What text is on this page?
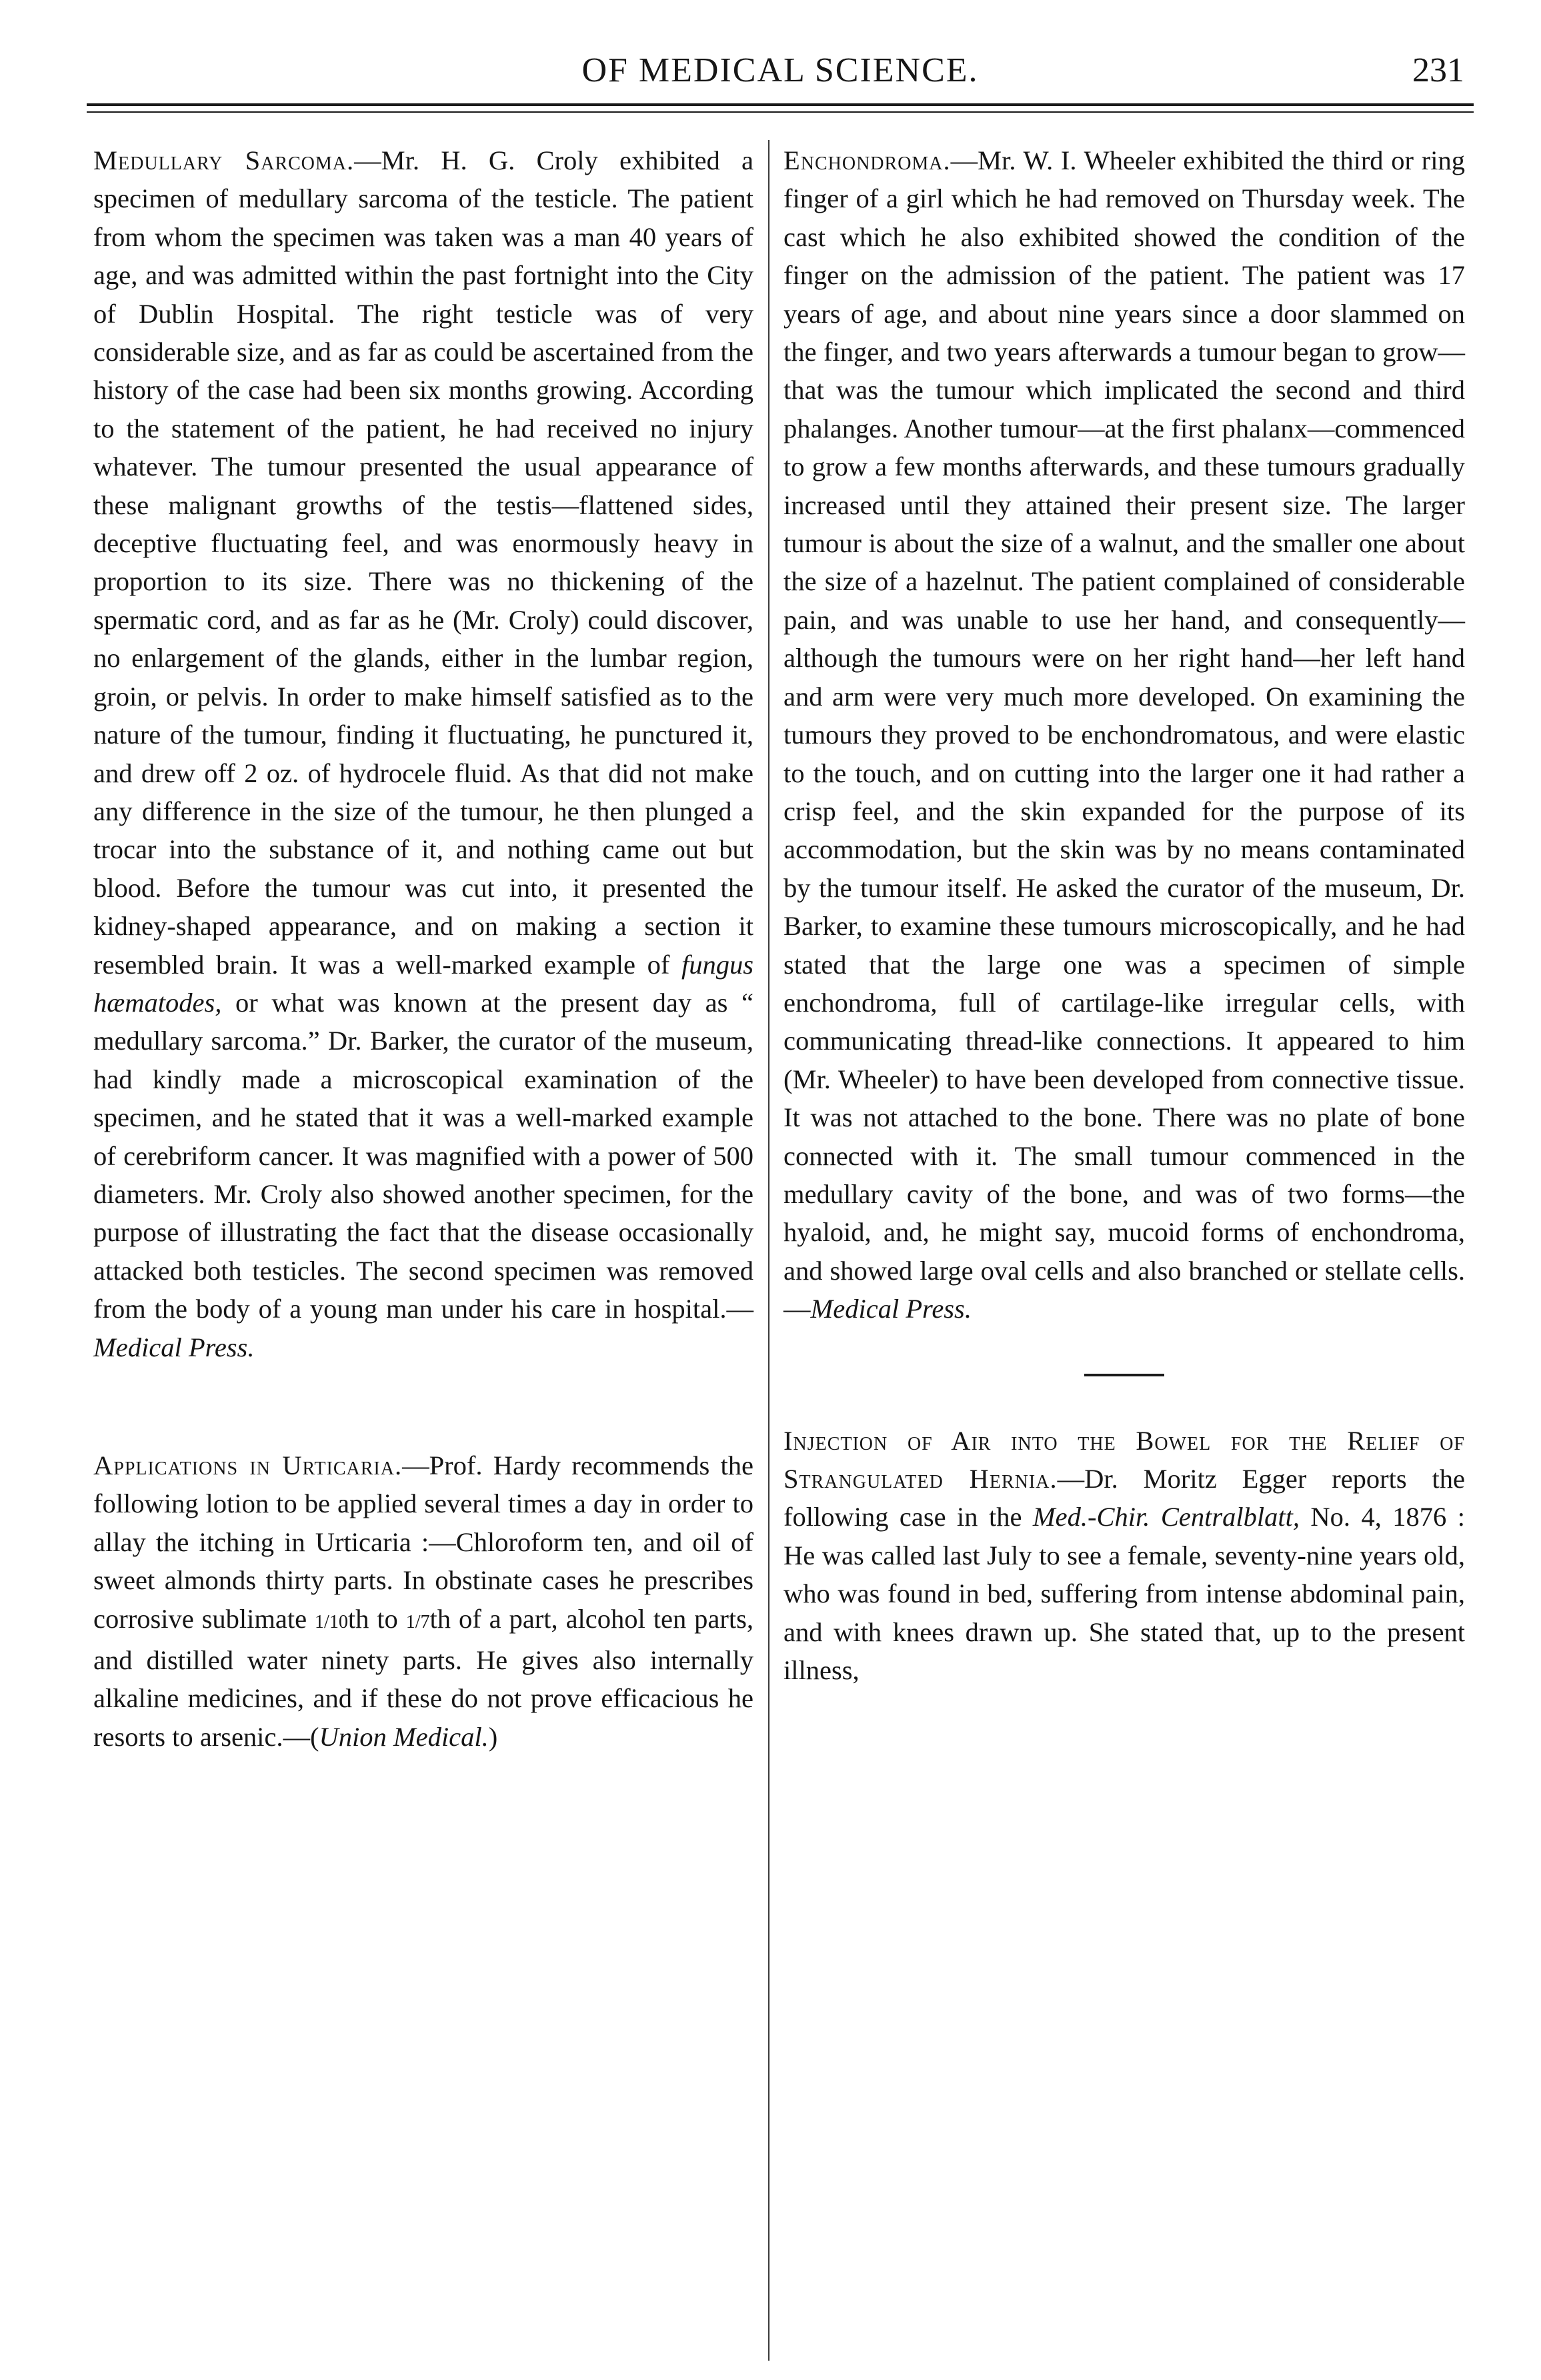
OF MEDICAL SCIENCE.	231

Medullary Sarcoma.—Mr. H. G. Croly exhibited a specimen of medullary sarcoma of the testicle. The patient from whom the specimen was taken was a man 40 years of age, and was admitted within the past fortnight into the City of Dublin Hospital. The right testicle was of very considerable size, and as far as could be ascertained from the history of the case had been six months growing. According to the statement of the patient, he had received no injury whatever. The tumour presented the usual appearance of these malignant growths of the testis—flattened sides, deceptive fluctuating feel, and was enormously heavy in proportion to its size. There was no thickening of the spermatic cord, and as far as he (Mr. Croly) could discover, no enlargement of the glands, either in the lumbar region, groin, or pelvis. In order to make himself satisfied as to the nature of the tumour, finding it fluctuating, he punctured it, and drew off 2 oz. of hydrocele fluid. As that did not make any difference in the size of the tumour, he then plunged a trocar into the substance of it, and nothing came out but blood. Before the tumour was cut into, it presented the kidney-shaped appearance, and on making a section it resembled brain. It was a well-marked example of fungus hæmatodes, or what was known at the present day as “ medullary sarcoma.” Dr. Barker, the curator of the museum, had kindly made a microscopical examination of the specimen, and he stated that it was a well-marked example of cerebriform cancer. It was magnified with a power of 500 diameters. Mr. Croly also showed another specimen, for the purpose of illustrating the fact that the disease occasionally attacked both testicles. The second specimen was removed from the body of a young man under his care in hospital.—Medical Press.

Applications in Urticaria.—Prof. Hardy recommends the following lotion to be applied several times a day in order to allay the itching in Urticaria :—Chloroform ten, and oil of sweet almonds thirty parts. In obstinate cases he prescribes corrosive sublimate 1/10th to 1/7th of a part, alcohol ten parts, and distilled water ninety parts. He gives also internally alkaline medicines, and if these do not prove efficacious he resorts to arsenic.—(Union Medical.)

Enchondroma.—Mr. W. I. Wheeler exhibited the third or ring finger of a girl which he had removed on Thursday week. The cast which he also exhibited showed the condition of the finger on the admission of the patient. The patient was 17 years of age, and about nine years since a door slammed on the finger, and two years afterwards a tumour began to grow—that was the tumour which implicated the second and third phalanges. Another tumour—at the first phalanx—commenced to grow a few months afterwards, and these tumours gradually increased until they attained their present size. The larger tumour is about the size of a walnut, and the smaller one about the size of a hazelnut. The patient complained of considerable pain, and was unable to use her hand, and consequently—although the tumours were on her right hand—her left hand and arm were very much more developed. On examining the tumours they proved to be enchondromatous, and were elastic to the touch, and on cutting into the larger one it had rather a crisp feel, and the skin expanded for the purpose of its accommodation, but the skin was by no means contaminated by the tumour itself. He asked the curator of the museum, Dr. Barker, to examine these tumours microscopically, and he had stated that the large one was a specimen of simple enchondroma, full of cartilage-like irregular cells, with communicating thread-like connections. It appeared to him (Mr. Wheeler) to have been developed from connective tissue. It was not attached to the bone. There was no plate of bone connected with it. The small tumour commenced in the medullary cavity of the bone, and was of two forms—the hyaloid, and, he might say, mucoid forms of enchondroma, and showed large oval cells and also branched or stellate cells.—Medical Press.

Injection of Air into the Bowel for the Relief of Strangulated Hernia.—Dr. Moritz Egger reports the following case in the Med.-Chir. Centralblatt, No. 4, 1876 : He was called last July to see a female, seventy-nine years old, who was found in bed, suffering from intense abdominal pain, and with knees drawn up. She stated that, up to the present illness,
